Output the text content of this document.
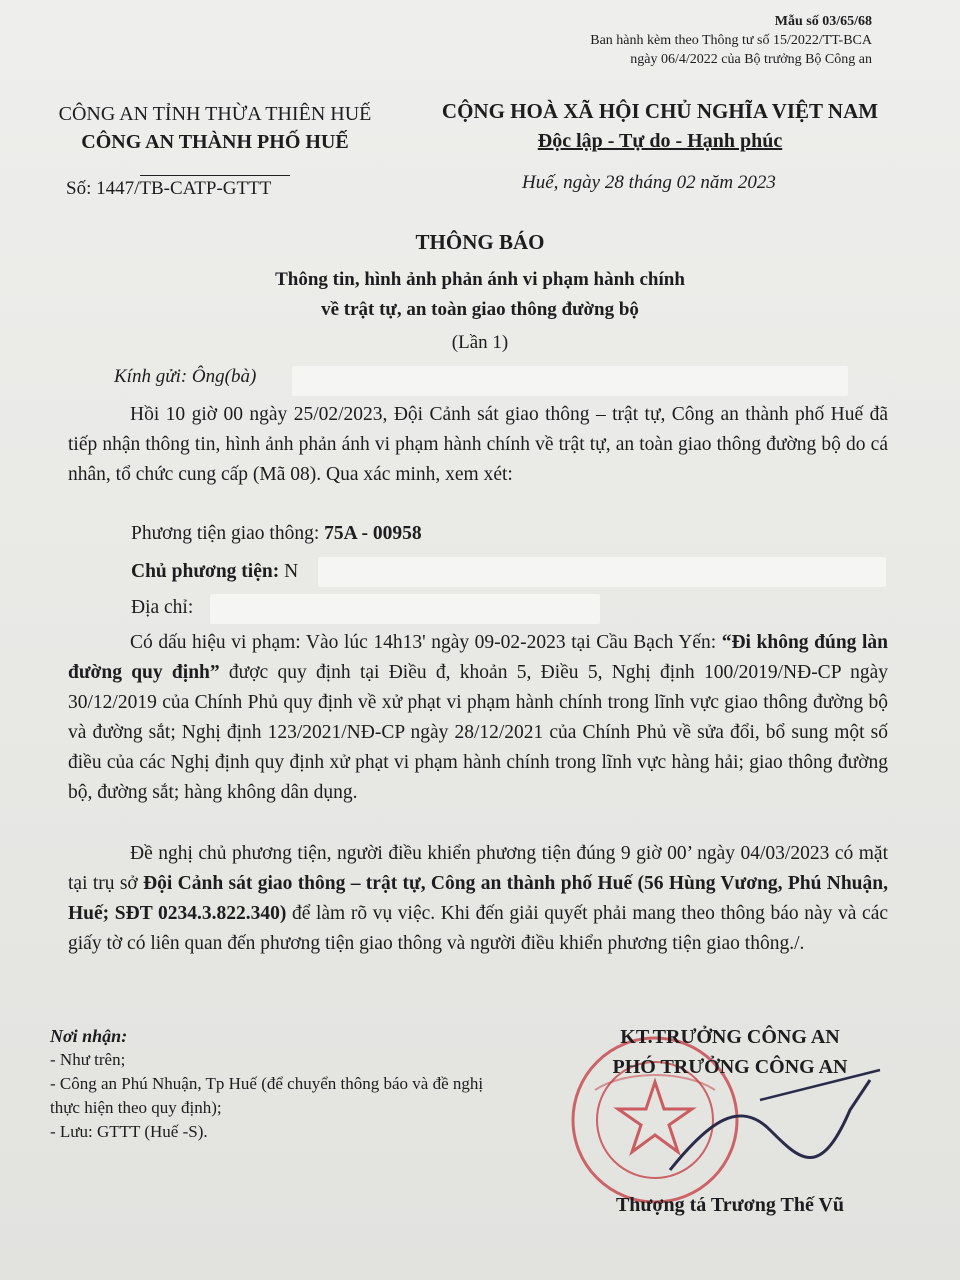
Mẫu số 03/65/68
Ban hành kèm theo Thông tư số 15/2022/TT-BCA
ngày 06/4/2022 của Bộ trưởng Bộ Công an
CÔNG AN TỈNH THỪA THIÊN HUẾ
CÔNG AN THÀNH PHỐ HUẾ
CỘNG HOÀ XÃ HỘI CHỦ NGHĨA VIỆT NAM
Độc lập - Tự do - Hạnh phúc
Số: 1447/TB-CATP-GTTT	Huế, ngày 28 tháng 02 năm 2023
THÔNG BÁO
Thông tin, hình ảnh phản ánh vi phạm hành chính
về trật tự, an toàn giao thông đường bộ
(Lần 1)
Kính gửi: Ông(bà)

Hồi 10 giờ 00 ngày 25/02/2023, Đội Cảnh sát giao thông – trật tự, Công an thành phố Huế đã tiếp nhận thông tin, hình ảnh phản ánh vi phạm hành chính về trật tự, an toàn giao thông đường bộ do cá nhân, tổ chức cung cấp (Mã 08). Qua xác minh, xem xét:

Phương tiện giao thông: 75A - 00958
Chủ phương tiện: N
Địa chỉ:

Có dấu hiệu vi phạm: Vào lúc 14h13' ngày 09-02-2023 tại Cầu Bạch Yến: “Đi không đúng làn đường quy định” được quy định tại Điều đ, khoản 5, Điều 5, Nghị định 100/2019/NĐ-CP ngày 30/12/2019 của Chính Phủ quy định về xử phạt vi phạm hành chính trong lĩnh vực giao thông đường bộ và đường sắt; Nghị định 123/2021/NĐ-CP ngày 28/12/2021 của Chính Phủ về sửa đổi, bổ sung một số điều của các Nghị định quy định xử phạt vi phạm hành chính trong lĩnh vực hàng hải; giao thông đường bộ, đường sắt; hàng không dân dụng.

Đề nghị chủ phương tiện, người điều khiển phương tiện đúng 9 giờ 00’ ngày 04/03/2023 có mặt tại trụ sở Đội Cảnh sát giao thông – trật tự, Công an thành phố Huế (56 Hùng Vương, Phú Nhuận, Huế; SĐT 0234.3.822.340) để làm rõ vụ việc. Khi đến giải quyết phải mang theo thông báo này và các giấy tờ có liên quan đến phương tiện giao thông và người điều khiển phương tiện giao thông./.

Nơi nhận:
- Như trên;
- Công an Phú Nhuận, Tp Huế (để chuyển thông báo và đề nghị thực hiện theo quy định);
- Lưu: GTTT (Huế -S).
KT.TRƯỞNG CÔNG AN
PHÓ TRƯỞNG CÔNG AN
Thượng tá Trương Thế Vũ
